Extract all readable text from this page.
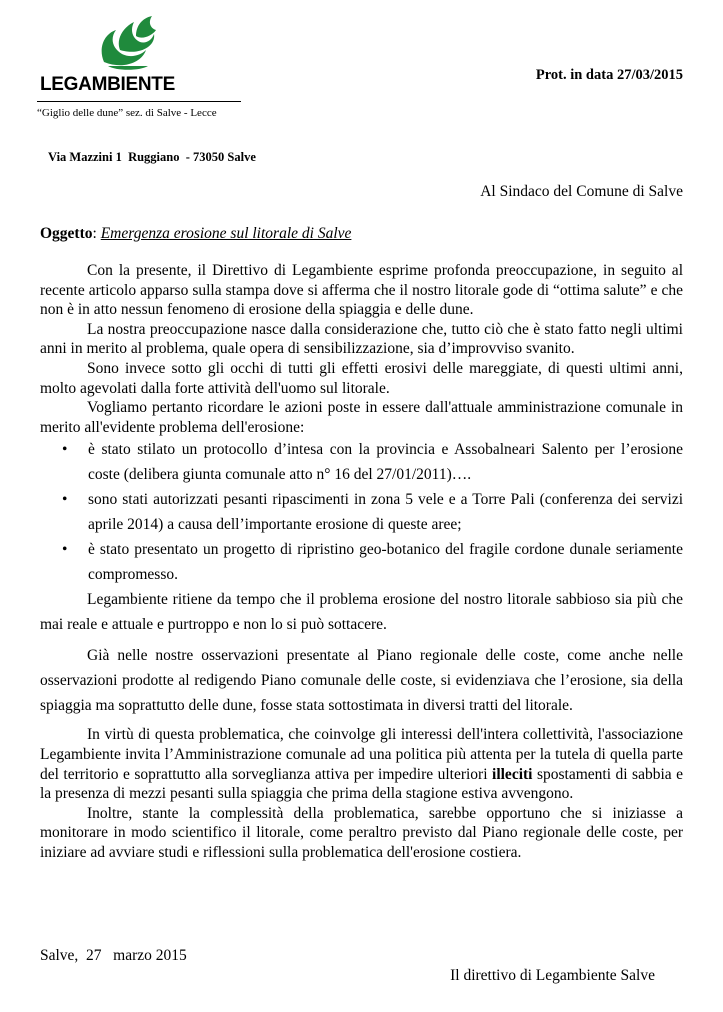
LEGAMBIENTE
“Giglio delle dune” sez. di Salve - Lecce
Via Mazzini 1  Ruggiano  - 73050 Salve
Prot. in data 27/03/2015
Al Sindaco del Comune di Salve
Oggetto: Emergenza erosione sul litorale di Salve

Con la presente, il Direttivo di Legambiente esprime profonda preoccupazione, in seguito al recente articolo apparso sulla stampa dove si afferma che il nostro litorale gode di “ottima salute” e che non è in atto nessun fenomeno di erosione della spiaggia e delle dune.

La nostra preoccupazione nasce dalla considerazione che, tutto ciò che è stato fatto negli ultimi anni in merito al problema, quale opera di sensibilizzazione, sia d’improvviso svanito.

Sono invece sotto gli occhi di tutti gli effetti erosivi delle mareggiate, di questi ultimi anni, molto agevolati dalla forte attività dell'uomo sul litorale.

Vogliamo pertanto ricordare le azioni poste in essere dall'attuale amministrazione comunale in merito all'evidente problema dell'erosione:

• è stato stilato un protocollo d’intesa con la provincia e Assobalneari Salento per l’erosione coste (delibera giunta comunale atto n° 16 del 27/01/2011)….
• sono stati autorizzati pesanti ripascimenti in zona 5 vele e a Torre Pali (conferenza dei servizi aprile 2014) a causa dell’importante erosione di queste aree;
• è stato presentato un progetto di ripristino geo-botanico del fragile cordone dunale seriamente compromesso.

Legambiente ritiene da tempo che il problema erosione del nostro litorale sabbioso sia più che mai reale e attuale e purtroppo e non lo si può sottacere.

Già nelle nostre osservazioni presentate al Piano regionale delle coste, come anche nelle osservazioni prodotte al redigendo Piano comunale delle coste, si evidenziava che l’erosione, sia della spiaggia ma soprattutto delle dune, fosse stata sottostimata in diversi tratti del litorale.

In virtù di questa problematica, che coinvolge gli interessi dell'intera collettività, l'associazione Legambiente invita l’Amministrazione comunale ad una politica più attenta per la tutela di quella parte del territorio e soprattutto alla sorveglianza attiva per impedire ulteriori illeciti spostamenti di sabbia e la presenza di mezzi pesanti sulla spiaggia che prima della stagione estiva avvengono.

Inoltre, stante la complessità della problematica, sarebbe opportuno che si iniziasse a monitorare in modo scientifico il litorale, come peraltro previsto dal Piano regionale delle coste, per iniziare ad avviare studi e riflessioni sulla problematica dell'erosione costiera.

Salve,  27   marzo 2015
Il direttivo di Legambiente Salve
